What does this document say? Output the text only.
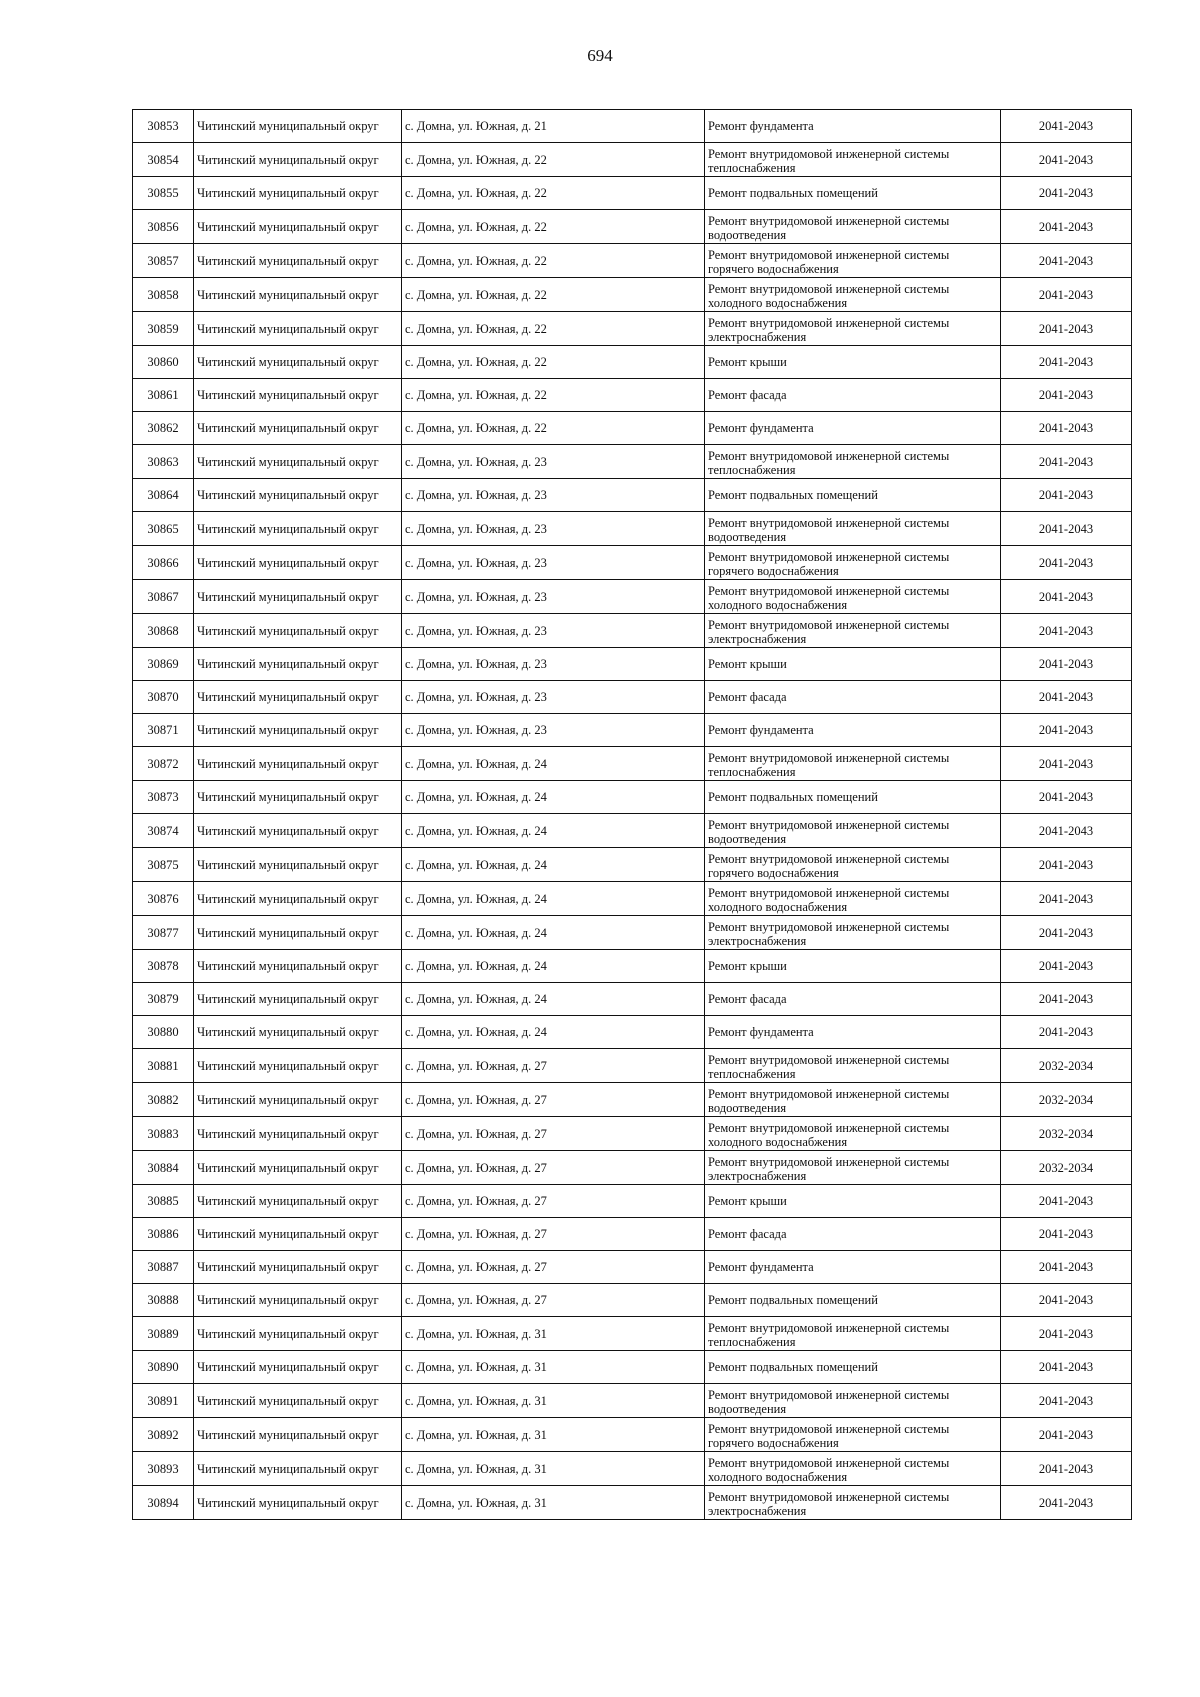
694
30853	Читинский муниципальный округ	с. Домна, ул. Южная, д. 21	Ремонт фундамента	2041-2043
30854	Читинский муниципальный округ	с. Домна, ул. Южная, д. 22	Ремонт внутридомовой инженерной системы теплоснабжения	2041-2043
30855	Читинский муниципальный округ	с. Домна, ул. Южная, д. 22	Ремонт подвальных помещений	2041-2043
30856	Читинский муниципальный округ	с. Домна, ул. Южная, д. 22	Ремонт внутридомовой инженерной системы водоотведения	2041-2043
30857	Читинский муниципальный округ	с. Домна, ул. Южная, д. 22	Ремонт внутридомовой инженерной системы горячего водоснабжения	2041-2043
30858	Читинский муниципальный округ	с. Домна, ул. Южная, д. 22	Ремонт внутридомовой инженерной системы холодного водоснабжения	2041-2043
30859	Читинский муниципальный округ	с. Домна, ул. Южная, д. 22	Ремонт внутридомовой инженерной системы электроснабжения	2041-2043
30860	Читинский муниципальный округ	с. Домна, ул. Южная, д. 22	Ремонт крыши	2041-2043
30861	Читинский муниципальный округ	с. Домна, ул. Южная, д. 22	Ремонт фасада	2041-2043
30862	Читинский муниципальный округ	с. Домна, ул. Южная, д. 22	Ремонт фундамента	2041-2043
30863	Читинский муниципальный округ	с. Домна, ул. Южная, д. 23	Ремонт внутридомовой инженерной системы теплоснабжения	2041-2043
30864	Читинский муниципальный округ	с. Домна, ул. Южная, д. 23	Ремонт подвальных помещений	2041-2043
30865	Читинский муниципальный округ	с. Домна, ул. Южная, д. 23	Ремонт внутридомовой инженерной системы водоотведения	2041-2043
30866	Читинский муниципальный округ	с. Домна, ул. Южная, д. 23	Ремонт внутридомовой инженерной системы горячего водоснабжения	2041-2043
30867	Читинский муниципальный округ	с. Домна, ул. Южная, д. 23	Ремонт внутридомовой инженерной системы холодного водоснабжения	2041-2043
30868	Читинский муниципальный округ	с. Домна, ул. Южная, д. 23	Ремонт внутридомовой инженерной системы электроснабжения	2041-2043
30869	Читинский муниципальный округ	с. Домна, ул. Южная, д. 23	Ремонт крыши	2041-2043
30870	Читинский муниципальный округ	с. Домна, ул. Южная, д. 23	Ремонт фасада	2041-2043
30871	Читинский муниципальный округ	с. Домна, ул. Южная, д. 23	Ремонт фундамента	2041-2043
30872	Читинский муниципальный округ	с. Домна, ул. Южная, д. 24	Ремонт внутридомовой инженерной системы теплоснабжения	2041-2043
30873	Читинский муниципальный округ	с. Домна, ул. Южная, д. 24	Ремонт подвальных помещений	2041-2043
30874	Читинский муниципальный округ	с. Домна, ул. Южная, д. 24	Ремонт внутридомовой инженерной системы водоотведения	2041-2043
30875	Читинский муниципальный округ	с. Домна, ул. Южная, д. 24	Ремонт внутридомовой инженерной системы горячего водоснабжения	2041-2043
30876	Читинский муниципальный округ	с. Домна, ул. Южная, д. 24	Ремонт внутридомовой инженерной системы холодного водоснабжения	2041-2043
30877	Читинский муниципальный округ	с. Домна, ул. Южная, д. 24	Ремонт внутридомовой инженерной системы электроснабжения	2041-2043
30878	Читинский муниципальный округ	с. Домна, ул. Южная, д. 24	Ремонт крыши	2041-2043
30879	Читинский муниципальный округ	с. Домна, ул. Южная, д. 24	Ремонт фасада	2041-2043
30880	Читинский муниципальный округ	с. Домна, ул. Южная, д. 24	Ремонт фундамента	2041-2043
30881	Читинский муниципальный округ	с. Домна, ул. Южная, д. 27	Ремонт внутридомовой инженерной системы теплоснабжения	2032-2034
30882	Читинский муниципальный округ	с. Домна, ул. Южная, д. 27	Ремонт внутридомовой инженерной системы водоотведения	2032-2034
30883	Читинский муниципальный округ	с. Домна, ул. Южная, д. 27	Ремонт внутридомовой инженерной системы холодного водоснабжения	2032-2034
30884	Читинский муниципальный округ	с. Домна, ул. Южная, д. 27	Ремонт внутридомовой инженерной системы электроснабжения	2032-2034
30885	Читинский муниципальный округ	с. Домна, ул. Южная, д. 27	Ремонт крыши	2041-2043
30886	Читинский муниципальный округ	с. Домна, ул. Южная, д. 27	Ремонт фасада	2041-2043
30887	Читинский муниципальный округ	с. Домна, ул. Южная, д. 27	Ремонт фундамента	2041-2043
30888	Читинский муниципальный округ	с. Домна, ул. Южная, д. 27	Ремонт подвальных помещений	2041-2043
30889	Читинский муниципальный округ	с. Домна, ул. Южная, д. 31	Ремонт внутридомовой инженерной системы теплоснабжения	2041-2043
30890	Читинский муниципальный округ	с. Домна, ул. Южная, д. 31	Ремонт подвальных помещений	2041-2043
30891	Читинский муниципальный округ	с. Домна, ул. Южная, д. 31	Ремонт внутридомовой инженерной системы водоотведения	2041-2043
30892	Читинский муниципальный округ	с. Домна, ул. Южная, д. 31	Ремонт внутридомовой инженерной системы горячего водоснабжения	2041-2043
30893	Читинский муниципальный округ	с. Домна, ул. Южная, д. 31	Ремонт внутридомовой инженерной системы холодного водоснабжения	2041-2043
30894	Читинский муниципальный округ	с. Домна, ул. Южная, д. 31	Ремонт внутридомовой инженерной системы электроснабжения	2041-2043
